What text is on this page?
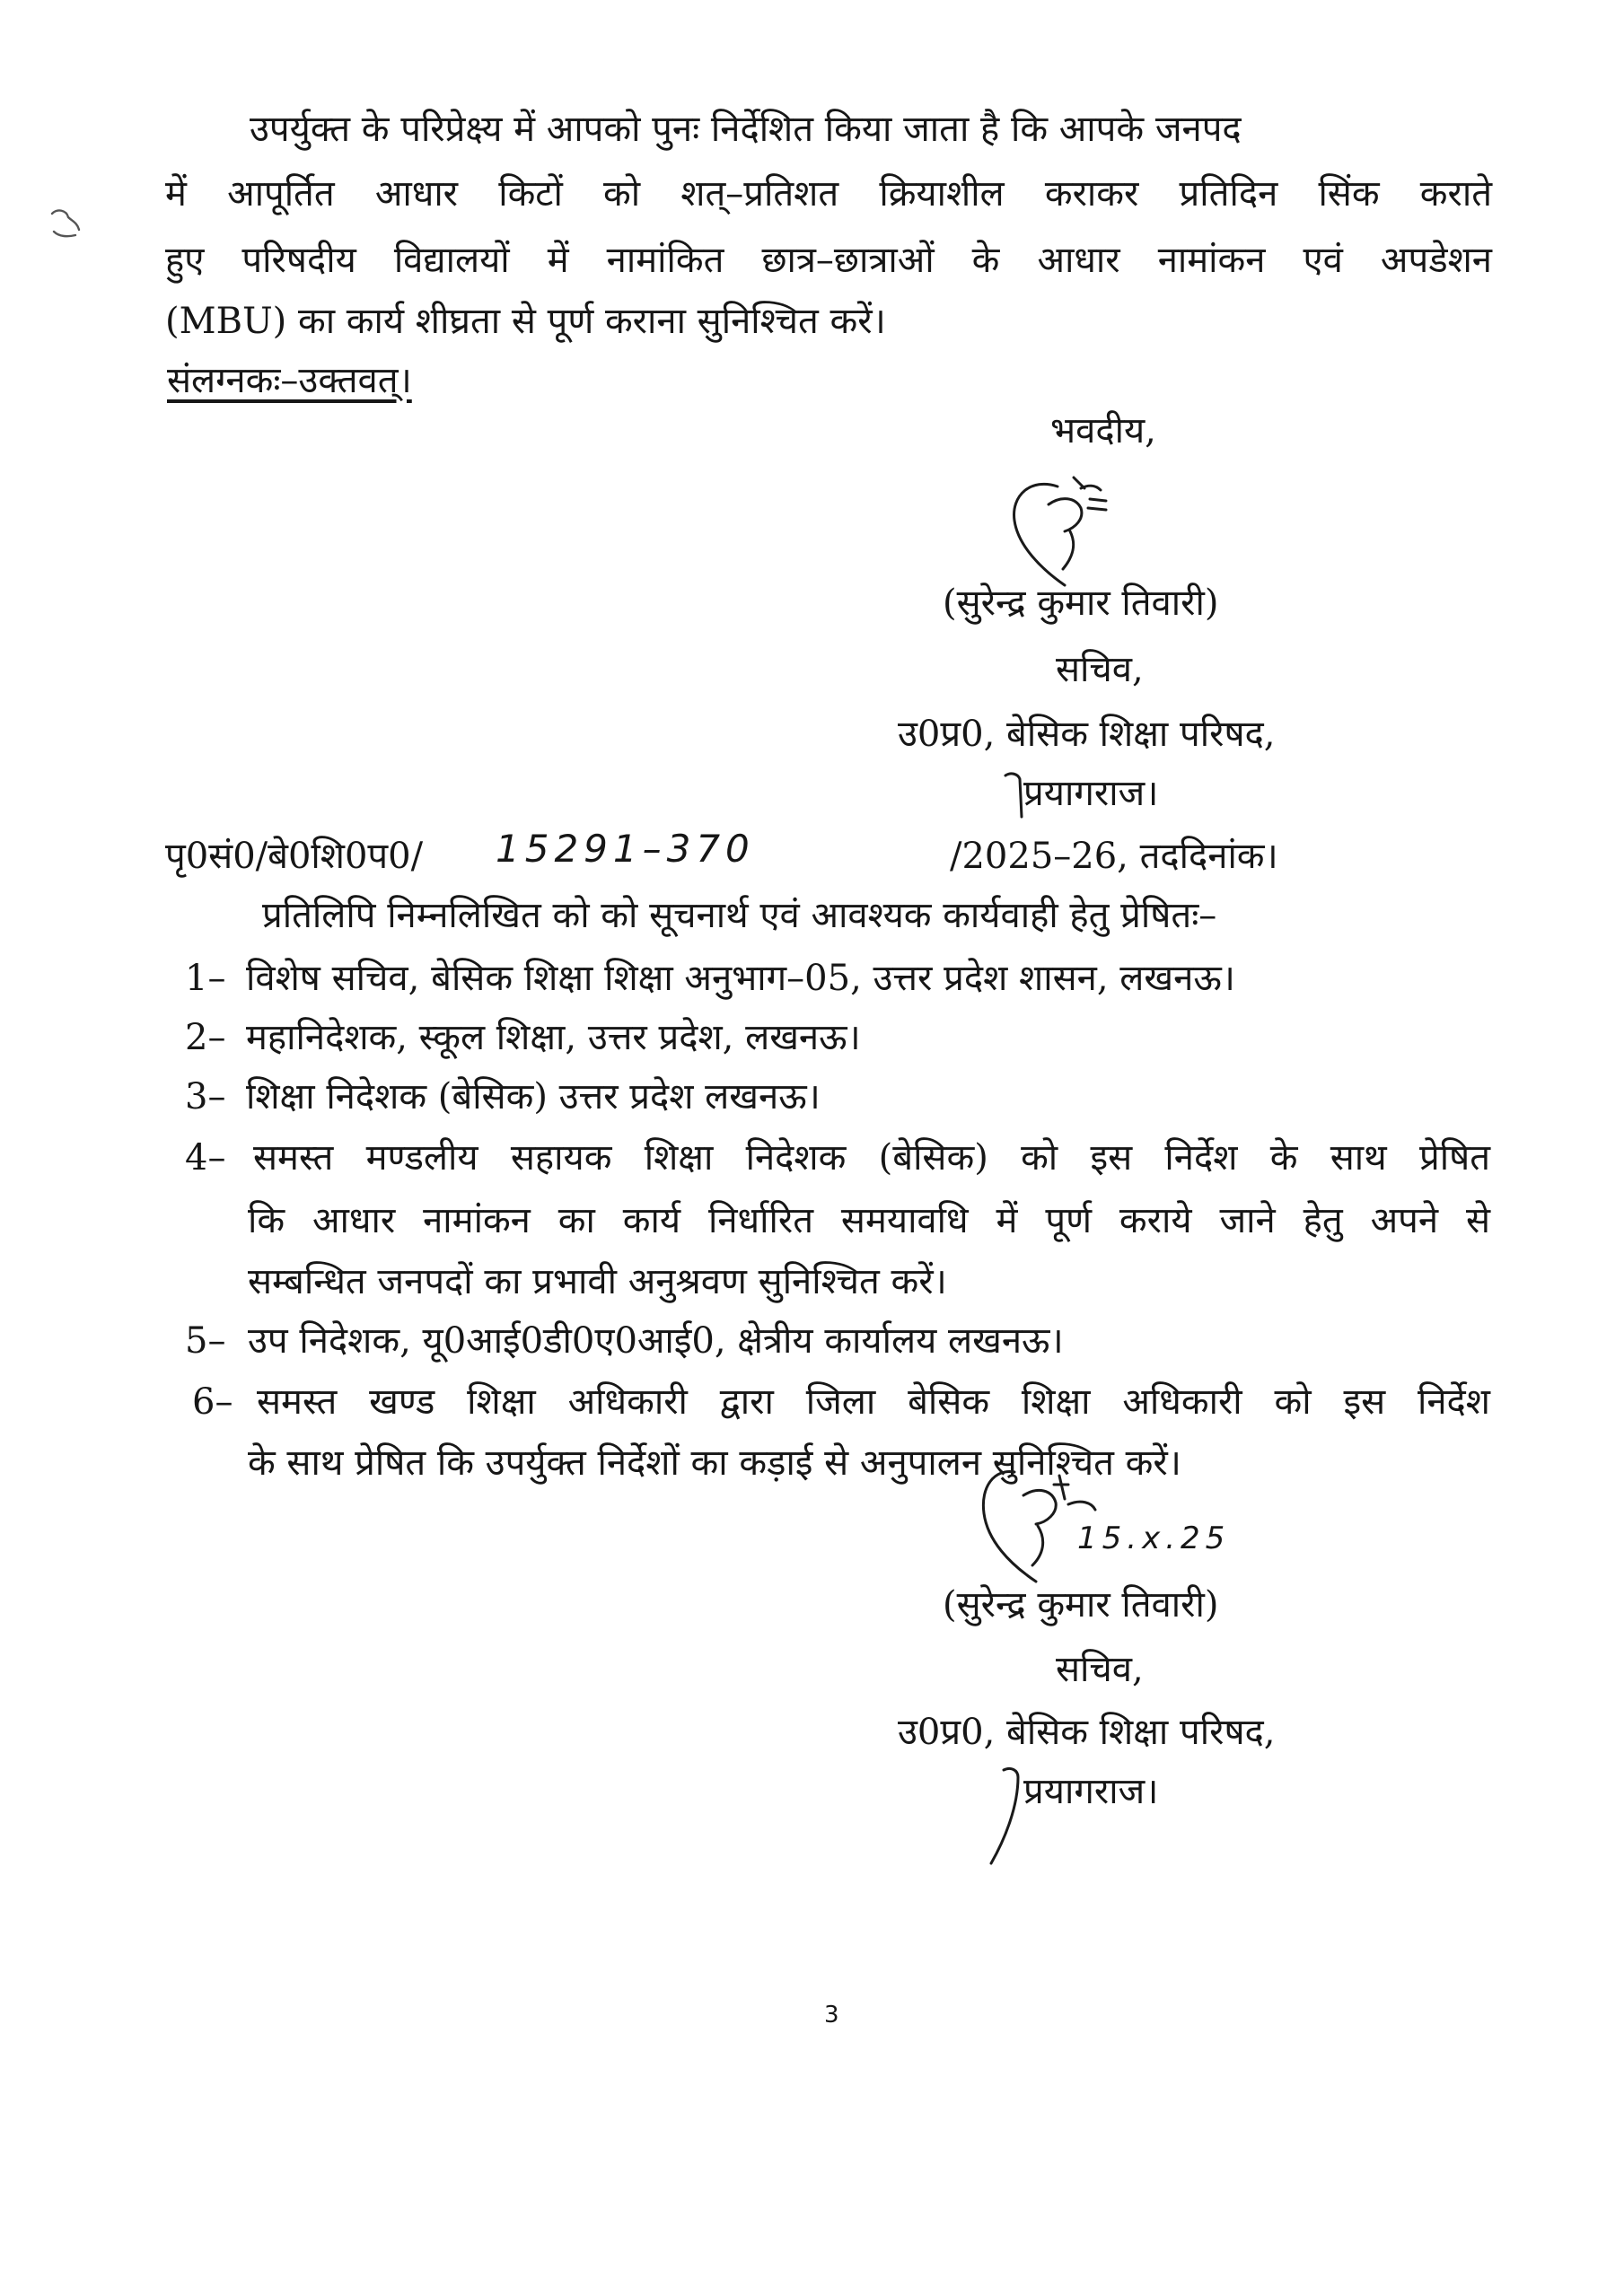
उपर्युक्त के परिप्रेक्ष्य में आपको पुनः निर्देशित किया जाता है कि आपके जनपद
में आपूर्तित आधार किटों को शत्–प्रतिशत क्रियाशील कराकर प्रतिदिन सिंक कराते
हुए परिषदीय विद्यालयों में नामांकित छात्र–छात्राओं के आधार नामांकन एवं अपडेशन
(MBU) का कार्य शीघ्रता से पूर्ण कराना सुनिश्चित करें।
संलग्नकः–उक्तवत्।
भवदीय,
(सुरेन्द्र कुमार तिवारी)
सचिव,
उ0प्र0, बेसिक शिक्षा परिषद,
प्रयागराज।
पृ0सं0/बे0शि0प0/ 15291–370	/2025–26, तददिनांक।
प्रतिलिपि निम्नलिखित को को सूचनार्थ एवं आवश्यक कार्यवाही हेतु प्रेषितः–
1– विशेष सचिव, बेसिक शिक्षा शिक्षा अनुभाग–05, उत्तर प्रदेश शासन, लखनऊ।
2– महानिदेशक, स्कूल शिक्षा, उत्तर प्रदेश, लखनऊ।
3– शिक्षा निदेशक (बेसिक) उत्तर प्रदेश लखनऊ।
4– समस्त मण्डलीय सहायक शिक्षा निदेशक (बेसिक) को इस निर्देश के साथ प्रेषित
कि आधार नामांकन का कार्य निर्धारित समयावधि में पूर्ण कराये जाने हेतु अपने से
सम्बन्धित जनपदों का प्रभावी अनुश्रवण सुनिश्चित करें।
5– उप निदेशक, यू0आई0डी0ए0आई0, क्षेत्रीय कार्यालय लखनऊ।
6– समस्त खण्ड शिक्षा अधिकारी द्वारा जिला बेसिक शिक्षा अधिकारी को इस निर्देश
के साथ प्रेषित कि उपर्युक्त निर्देशों का कड़ाई से अनुपालन सुनिश्चित करें।
15.x.25
(सुरेन्द्र कुमार तिवारी)
सचिव,
उ0प्र0, बेसिक शिक्षा परिषद,
प्रयागराज।
3
